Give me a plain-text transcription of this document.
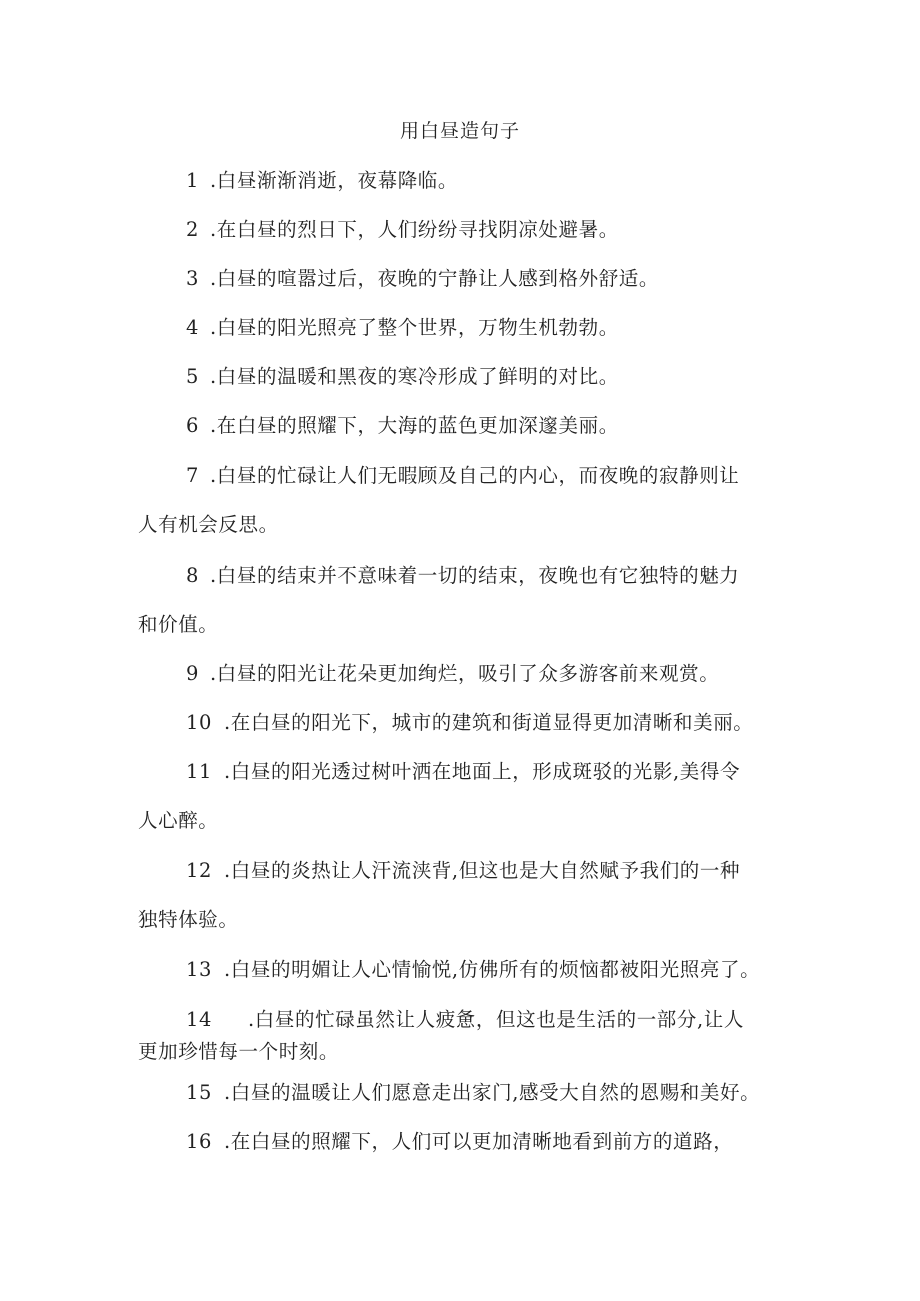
用白昼造句子
1 .白昼渐渐消逝，夜幕降临。
2 .在白昼的烈日下，人们纷纷寻找阴凉处避暑。
3 .白昼的喧嚣过后，夜晚的宁静让人感到格外舒适。
4 .白昼的阳光照亮了整个世界，万物生机勃勃。
5 .白昼的温暖和黑夜的寒冷形成了鲜明的对比。
6 .在白昼的照耀下，大海的蓝色更加深邃美丽。
7 .白昼的忙碌让人们无暇顾及自己的内心，而夜晚的寂静则让
人有机会反思。
8 .白昼的结束并不意味着一切的结束，夜晚也有它独特的魅力
和价值。
9 .白昼的阳光让花朵更加绚烂，吸引了众多游客前来观赏。
10 .在白昼的阳光下，城市的建筑和街道显得更加清晰和美丽。
11 .白昼的阳光透过树叶洒在地面上，形成斑驳的光影,美得令
人心醉。
12 .白昼的炎热让人汗流浃背,但这也是大自然赋予我们的一种
独特体验。
13 .白昼的明媚让人心情愉悦,仿佛所有的烦恼都被阳光照亮了。
14 .白昼的忙碌虽然让人疲惫，但这也是生活的一部分,让人
更加珍惜每一个时刻。
15 .白昼的温暖让人们愿意走出家门,感受大自然的恩赐和美好。
16 .在白昼的照耀下，人们可以更加清晰地看到前方的道路，
